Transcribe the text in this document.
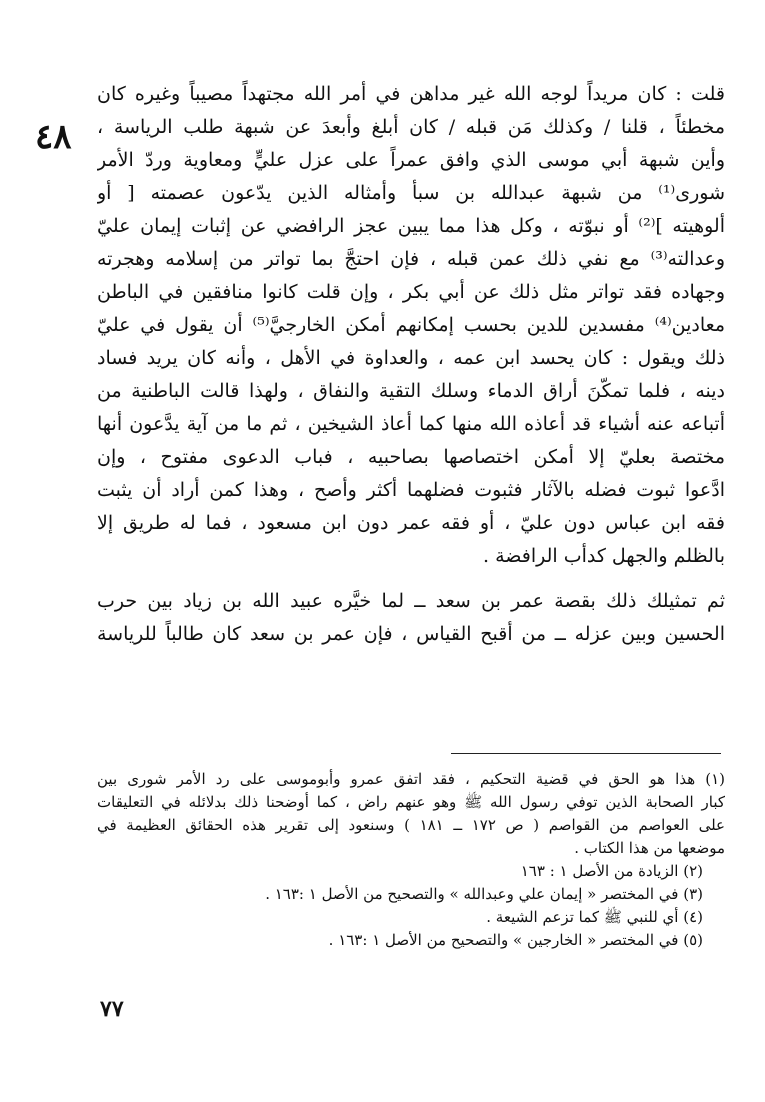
٤٨
قلت : كان مريداً لوجه الله غير مداهن في أمر الله مجتهداً مصيباً وغيره كان
مخطئاً ، قلنا / وكذلك مَن قبله / كان أبلغ وأبعدَ عن شبهة طلب الرياسة ،
وأين شبهة أبي موسى الذي وافق عمراً على عزل عليٍّ ومعاوية وردّ الأمر
شورى⁽¹⁾ من شبهة عبدالله بن سبأ وأمثاله الذين يدّعون عصمته [ أو
ألوهيته ]⁽²⁾ أو نبوّته ، وكل هذا مما يبين عجز الرافضي عن إثبات إيمان عليّ
وعدالته⁽³⁾ مع نفي ذلك عمن قبله ، فإن احتجَّ بما تواتر من إسلامه وهجرته
وجهاده فقد تواتر مثل ذلك عن أبي بكر ، وإن قلت كانوا منافقين في الباطن
معادين⁽⁴⁾ مفسدين للدين بحسب إمكانهم أمكن الخارجيَّ⁽⁵⁾ أن يقول في عليّ
ذلك ويقول : كان يحسد ابن عمه ، والعداوة في الأهل ، وأنه كان يريد فساد
دينه ، فلما تمكّنَ أراق الدماء وسلك التقية والنفاق ، ولهذا قالت الباطنية من
أتباعه عنه أشياء قد أعاذه الله منها كما أعاذ الشيخين ، ثم ما من آية يدَّعون أنها
مختصة بعليّ إلا أمكن اختصاصها بصاحبيه ، فباب الدعوى مفتوح ، وإن
ادَّعوا ثبوت فضله بالآثار فثبوت فضلهما أكثر وأصح ، وهذا كمن أراد أن يثبت
فقه ابن عباس دون عليّ ، أو فقه عمر دون ابن مسعود ، فما له طريق إلا
بالظلم والجهل كدأب الرافضة .
ثم تمثيلك ذلك بقصة عمر بن سعد ــ لما خيَّره عبيد الله بن زياد بين حرب
الحسين وبين عزله ــ من أقبح القياس ، فإن عمر بن سعد كان طالباً للرياسة
(١) هذا هو الحق في قضية التحكيم ، فقد اتفق عمرو وأبوموسى على رد الأمر شورى بين
كبار الصحابة الذين توفي رسول الله ﷺ وهو عنهم راض ، كما أوضحنا ذلك بدلائله في التعليقات
على العواصم من القواصم ( ص ١٧٢ ــ ١٨١ ) وسنعود إلى تقرير هذه الحقائق العظيمة في
موضعها من هذا الكتاب .
(٢) الزيادة من الأصل ١ : ١٦٣
(٣) في المختصر « إيمان علي وعبدالله » والتصحيح من الأصل ١ :١٦٣ .
(٤) أي للنبي ﷺ كما تزعم الشيعة .
(٥) في المختصر « الخارجين » والتصحيح من الأصل ١ :١٦٣ .
٧٧
